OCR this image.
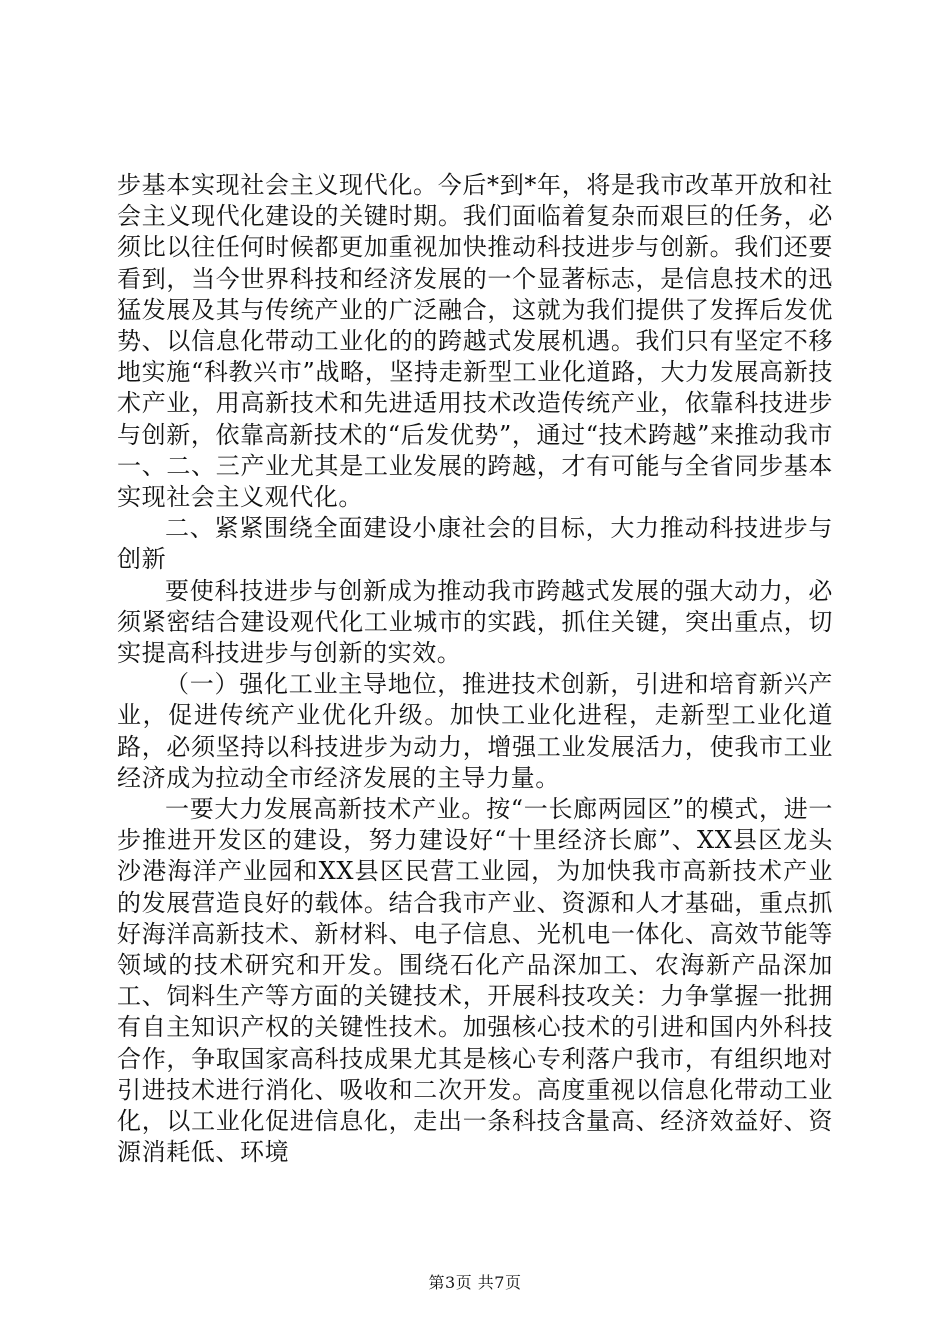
步基本实现社会主义现代化。今后*到*年，将是我市改革开放和社会主义现代化建设的关键时期。我们面临着复杂而艰巨的任务，必须比以往任何时候都更加重视加快推动科技进步与创新。我们还要看到，当今世界科技和经济发展的一个显著标志，是信息技术的迅猛发展及其与传统产业的广泛融合，这就为我们提供了发挥后发优势、以信息化带动工业化的的跨越式发展机遇。我们只有坚定不移地实施“科教兴市”战略，坚持走新型工业化道路，大力发展高新技术产业，用高新技术和先进适用技术改造传统产业，依靠科技进步与创新，依靠高新技术的“后发优势”，通过“技术跨越”来推动我市一、二、三产业尤其是工业发展的跨越，才有可能与全省同步基本实现社会主义观代化。

二、紧紧围绕全面建设小康社会的目标，大力推动科技进步与创新

要使科技进步与创新成为推动我市跨越式发展的强大动力，必须紧密结合建设观代化工业城市的实践，抓住关键，突出重点，切实提高科技进步与创新的实效。

（一）强化工业主导地位，推进技术创新，引进和培育新兴产业，促进传统产业优化升级。加快工业化进程，走新型工业化道路，必须坚持以科技进步为动力，增强工业发展活力，使我市工业经济成为拉动全市经济发展的主导力量。

一要大力发展高新技术产业。按“一长廊两园区”的模式，进一步推进开发区的建设，努力建设好“十里经济长廊”、XX县区龙头沙港海洋产业园和XX县区民营工业园，为加快我市高新技术产业的发展营造良好的载体。结合我市产业、资源和人才基础，重点抓好海洋高新技术、新材料、电子信息、光机电一体化、高效节能等领域的技术研究和开发。围绕石化产品深加工、农海新产品深加工、饲料生产等方面的关键技术，开展科技攻关：力争掌握一批拥有自主知识产权的关键性技术。加强核心技术的引进和国内外科技合作，争取国家高科技成果尤其是核心专利落户我市，有组织地对引进技术进行消化、吸收和二次开发。高度重视以信息化带动工业化，以工业化促进信息化，走出一条科技含量高、经济效益好、资源消耗低、环境

第3页 共7页
